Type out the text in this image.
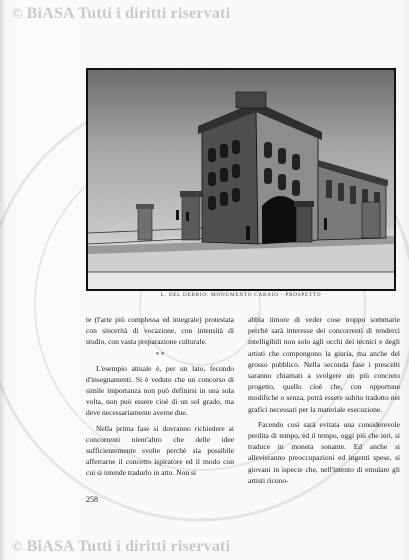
© BiASA Tutti i diritti riservati
L. DEL DEBBIO: MONUMENTO CABAIO - PROSPETTO

te (l'arte più complessa ed integrale) protestata con sincerità di vocazione, con intensità di studio, con vasta preparazione culturale.

* *

L'esempio attuale è, per un lato, fecondo d'insegnamenti. Si è veduto che un concorso di simile importanza non può definirsi in una sola volta, non può essere cioè di un sol grado, ma deve necessariamente averne due.

Nella prima fase si dovranno richiedere ai concorrenti nient'altro che delle idee sufficientemente svolte perchè sia possibile afferrarne il concetto ispiratore ed il modo con cui si intende tradurlo in atto. Non si

abbia timore di veder cose troppo sommarie perchè sarà interesse dei concorrenti di renderci intelligibili non solo agli occhi dei tecnici e degli artisti che compongono la giuria, ma anche del grosso pubblico. Nella seconda fase i prescelti saranno chiamati a svolgere un più concreto progetto, quello cioè che, con opportune modifiche o senza, potrà essere subito tradotto nei grafici necessari per la materiale esecuzione.

Facendo così sarà evitata una considerevole perdita di tempo, ed il tempo, oggi più che ieri, si traduce in moneta sonante. Ed anche si allevieranno preoccupazioni ed ingenti spese, si giovani in ispecie che, nell'intento di emulare gli artisti ricono-

258
© BiASA Tutti i diritti riservati
